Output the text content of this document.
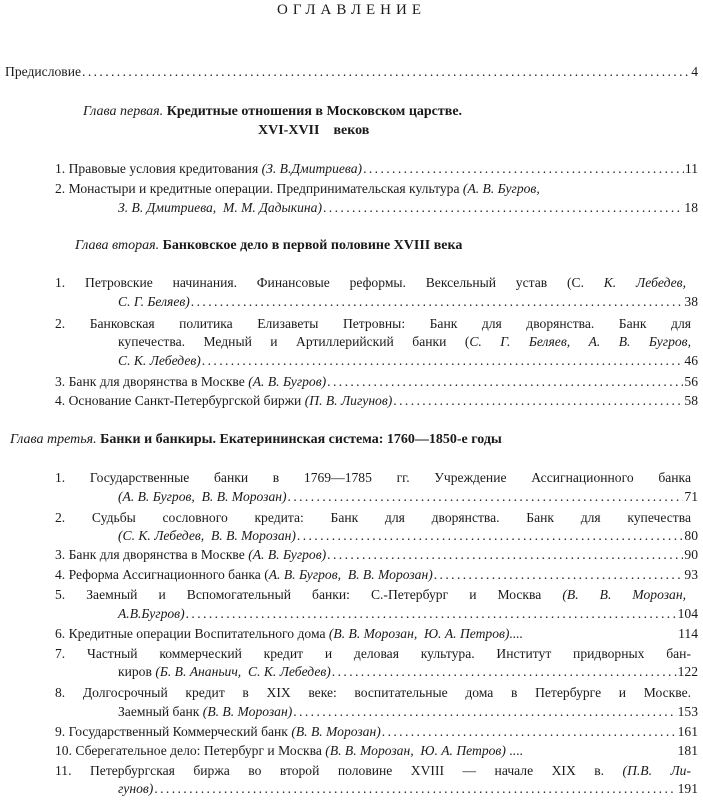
ОГЛАВЛЕНИЕ
Предисловие . . .	4
Глава первая. Кредитные отношения в Московском царстве.
XVI-XVII    веков
1. Правовые условия кредитования (З. В.Дмитриева) . . .	11
2. Монастыри и кредитные операции. Предпринимательская культура (А. В. Бугров,
З. В. Дмитриева,  М. М. Дадыкина) . . .	18
Глава вторая. Банковское дело в первой половине XVIII века
1. Петровские начинания. Финансовые реформы. Вексельный устав (С. К. Лебедев,
С. Г. Беляев) . . .	38
2. Банковская политика Елизаветы Петровны: Банк для дворянства. Банк для
купечества. Медный и Артиллерийский банки (С. Г. Беляев, А. В. Бугров,
С. К. Лебедев) . . .	46
3. Банк для дворянства в Москве (А. В. Бугров) . . .	56
4. Основание Санкт-Петербургской биржи (П. В. Лигунов) . . .	58
Глава третья. Банки и банкиры. Екатерининская система: 1760—1850-е годы
1. Государственные банки в 1769—1785 гг. Учреждение Ассигнационного банка
(А. В. Бугров,  В. В. Морозан) . . .	71
2. Судьбы сословного кредита: Банк для дворянства. Банк для купечества
(С. К. Лебедев,  В. В. Морозан) . . .	80
3. Банк для дворянства в Москве (А. В. Бугров) . . .	90
4. Реформа Ассигнационного банка (А. В. Бугров,  В. В. Морозан) . . .	93
5. Заемный и Вспомогательный банки: С.-Петербург и Москва (В. В. Морозан,
А.В.Бугров) . . .	104
6. Кредитные операции Воспитательного дома (В. В. Морозан,  Ю. А. Петров)....	114
7. Частный коммерческий кредит и деловая культура. Институт придворных бан-
киров (Б. В. Ананьич,  С. К. Лебедев) . . .	122
8. Долгосрочный кредит в XIX веке: воспитательные дома в Петербурге и Москве.
Заемный банк (В. В. Морозан) . . .	153
9. Государственный Коммерческий банк (В. В. Морозан) . . .	161
10. Сберегательное дело: Петербург и Москва (В. В. Морозан,  Ю. А. Петров) ....	181
11. Петербургская биржа во второй половине XVIII — начале XIX в. (П.В. Ли-
гунов) . . .	191
